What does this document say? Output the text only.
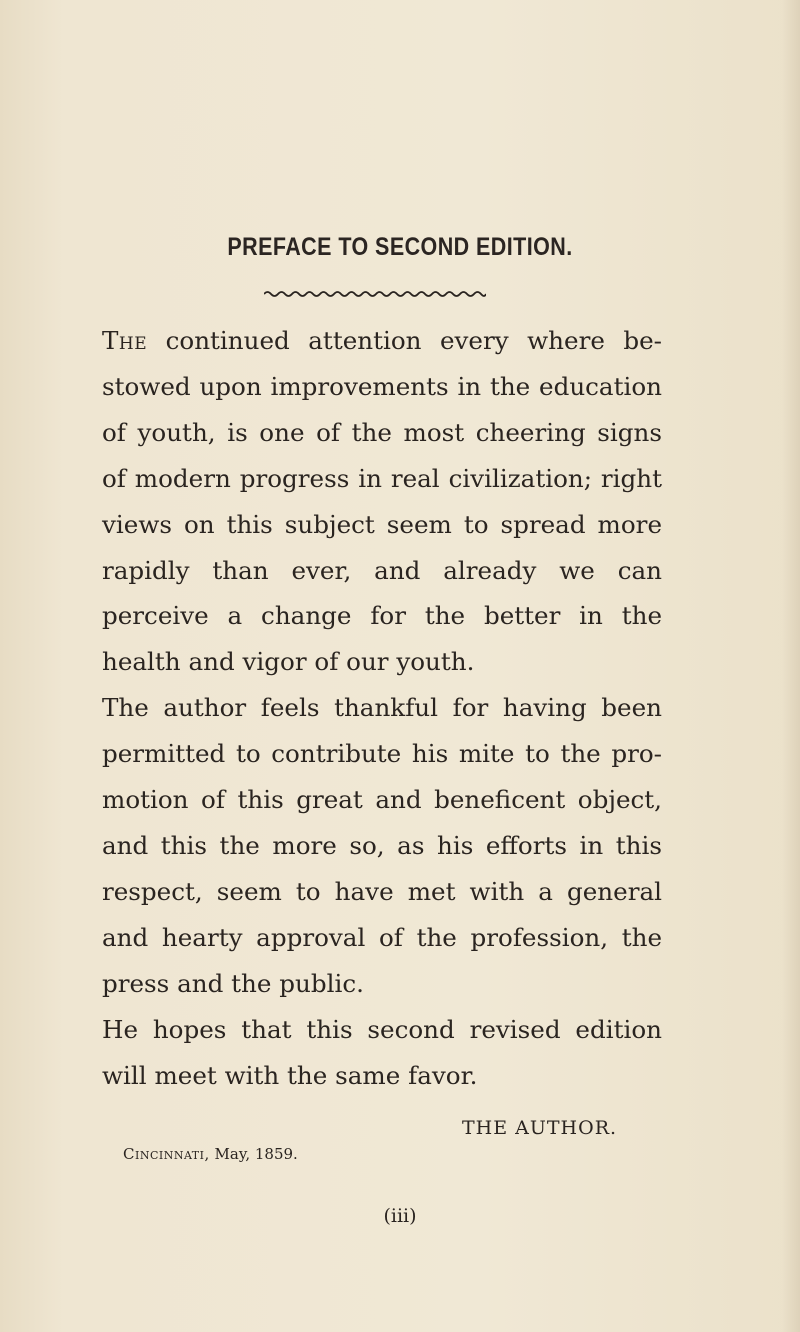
PREFACE TO SECOND EDITION.

The continued attention every where be-stowed upon improvements in the education of youth, is one of the most cheering signs of modern progress in real civilization; right views on this subject seem to spread more rapidly than ever, and already we can perceive a change for the better in the health and vigor of our youth.

The author feels thankful for having been permitted to contribute his mite to the pro-motion of this great and beneficent object, and this the more so, as his efforts in this respect, seem to have met with a general and hearty approval of the profession, the press and the public.

He hopes that this second revised edition will meet with the same favor.

THE AUTHOR.
Cincinnati, May, 1859.
(iii)
